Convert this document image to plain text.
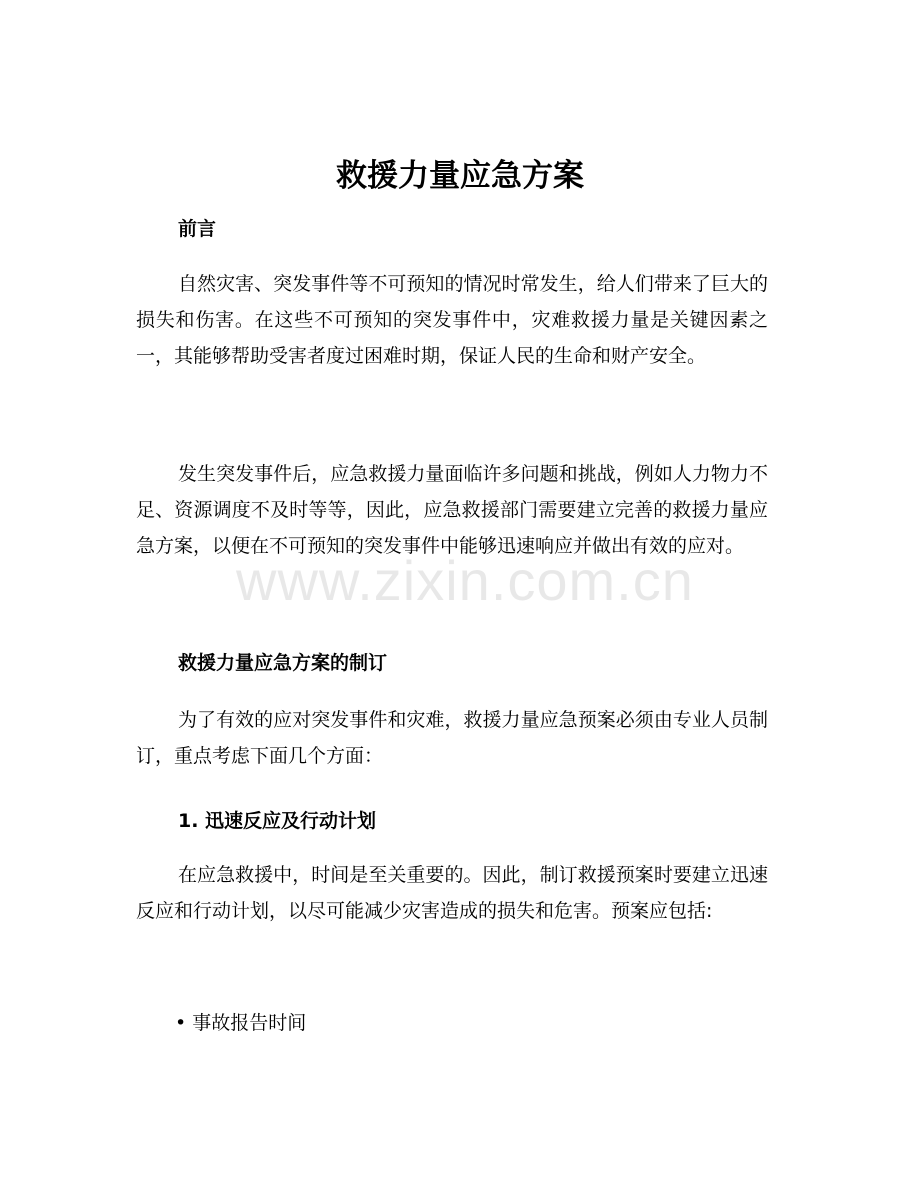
www.zixin.com.cn
救援力量应急方案
前言

自然灾害、突发事件等不可预知的情况时常发生，给人们带来了巨大的损失和伤害。在这些不可预知的突发事件中，灾难救援力量是关键因素之一，其能够帮助受害者度过困难时期，保证人民的生命和财产安全。

发生突发事件后，应急救援力量面临许多问题和挑战，例如人力物力不足、资源调度不及时等等，因此，应急救援部门需要建立完善的救援力量应急方案，以便在不可预知的突发事件中能够迅速响应并做出有效的应对。

救援力量应急方案的制订

为了有效的应对突发事件和灾难，救援力量应急预案必须由专业人员制订，重点考虑下面几个方面：

1. 迅速反应及行动计划

在应急救援中，时间是至关重要的。因此，制订救援预案时要建立迅速反应和行动计划，以尽可能减少灾害造成的损失和危害。预案应包括:

• 事故报告时间
